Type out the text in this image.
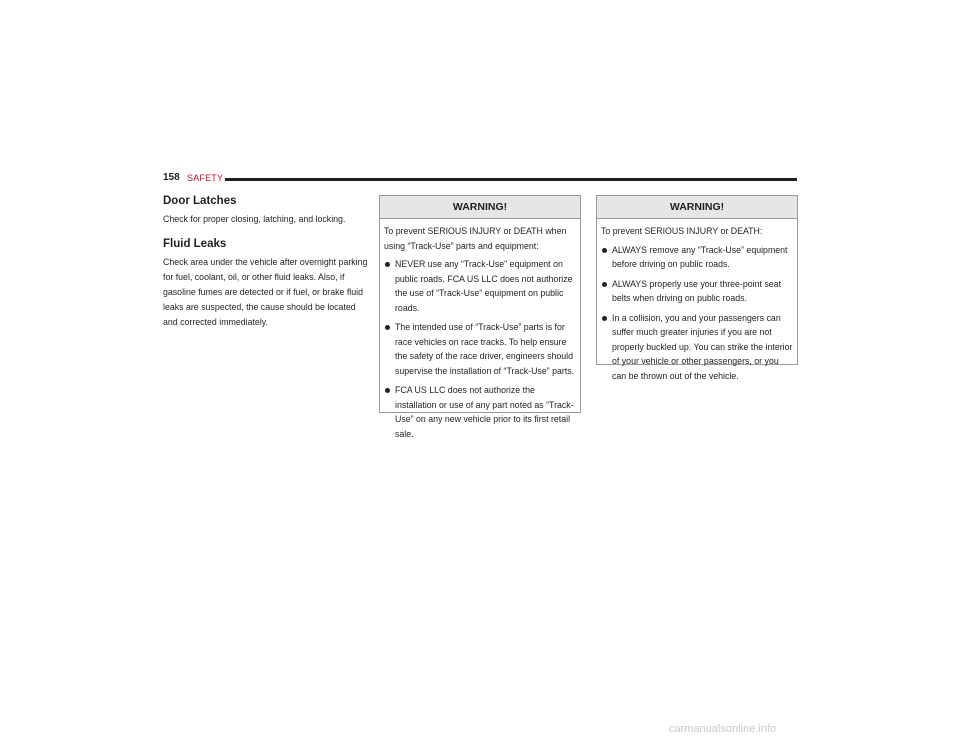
158 SAFETY
Door Latches

Check for proper closing, latching, and locking.

Fluid Leaks

Check area under the vehicle after overnight parking for fuel, coolant, oil, or other fluid leaks. Also, if gasoline fumes are detected or if fuel, or brake fluid leaks are suspected, the cause should be located and corrected immediately.

WARNING!

To prevent SERIOUS INJURY or DEATH when using “Track-Use” parts and equipment:

NEVER use any “Track-Use” equipment on public roads. FCA US LLC does not authorize the use of “Track-Use” equipment on public roads.
The intended use of “Track-Use” parts is for race vehicles on race tracks. To help ensure the safety of the race driver, engineers should supervise the installation of “Track-Use” parts.
FCA US LLC does not authorize the installation or use of any part noted as “Track-Use” on any new vehicle prior to its first retail sale.
WARNING!

To prevent SERIOUS INJURY or DEATH:

ALWAYS remove any “Track-Use” equipment before driving on public roads.
ALWAYS properly use your three-point seat belts when driving on public roads.
In a collision, you and your passengers can suffer much greater injuries if you are not properly buckled up. You can strike the interior of your vehicle or other passengers, or you can be thrown out of the vehicle.
carmanualsonline.info
